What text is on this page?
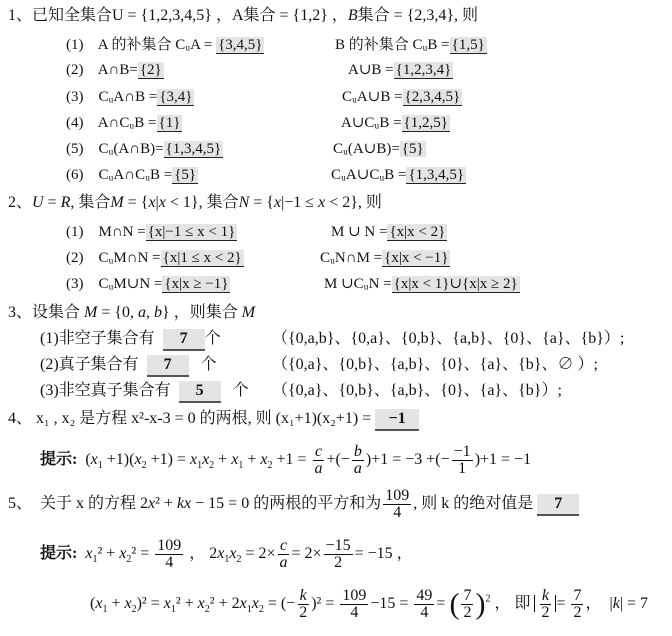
1、已知全集合U = {1,2,3,4,5} ，A集合 = {1,2} ，B集合 = {2,3,4}, 则
(1) A 的补集合 CᵤA = {3,4,5}	B 的补集合 CᵤB = {1,5}
(2) A∩B= {2}	A∪B = {1,2,3,4}
(3) CᵤA∩B = {3,4}	CᵤA∪B = {2,3,4,5}
(4) A∩CᵤB = {1}	A∪CᵤB = {1,2,5}
(5) Cᵤ(A∩B)= {1,3,4,5}	Cᵤ(A∪B)= {5}
(6) CᵤA∩CᵤB = {5}	CᵤA∪CᵤB = {1,3,4,5}
2、U = R, 集合M = {x|x < 1}, 集合N = {x|−1 ≤ x < 2}, 则
(1) M∩N = {x|−1 ≤ x < 1}	M ∪ N = {x|x < 2}
(2) CᵤM∩N = {x|1 ≤ x < 2}	CᵤN∩M = {x|x < −1}
(3) CᵤM∪N = {x|x ≥ −1}	M ∪CᵤN = {x|x < 1}∪{x|x ≥ 2}
3、设集合 M = {0, a, b} ，则集合 M
(1)非空子集合有 7 个	（{0,a,b}、{0,a}、{0,b}、{a,b}、{0}、{a}、{b}）;
(2)真子集合有 7 个	（{0,a}、{0,b}、{a,b}、{0}、{a}、{b}、∅ ）;
(3)非空真子集合有 5 个 （{0,a}、{0,b}、{a,b}、{0}、{a}、{b}）;
4、 x₁ , x₂ 是方程 x²-x-3 = 0 的两根, 则 (x₁+1)(x₂+1) = −1
提示: $(x_1 +1)(x_2 +1) = x_1x_2 + x_1 + x_2 +1 = \frac{c}{a}$ +(− $\frac{b}{a} )+1 = -3$ +(− $\frac{-1}{1} )+1 = -1$
5、  关于 x 的方程 2x² + kx − 15 = 0 的两根的平方和为 $\frac{109}{4}$ , 则 k 的绝对值是 7
提示: $x_1^2 + x_2^2 = \frac{109}{4}$ ， $2x_1x_2 = 2\times \frac{c}{a} = 2\times \frac{-15}{2} = -15$ ，
$(x_1 + x_2)^2 = x_1^2 + x_2^2 + 2x_1x_2$ = (− $\frac{k}{2} )^2 = \frac{109}{4} -15 = \frac{49}{4}$ = ( $\frac{7}{2} )^2$ ， 即 $\frac{k}{2} = \frac{7}{2}$ ，  |k| = 7
